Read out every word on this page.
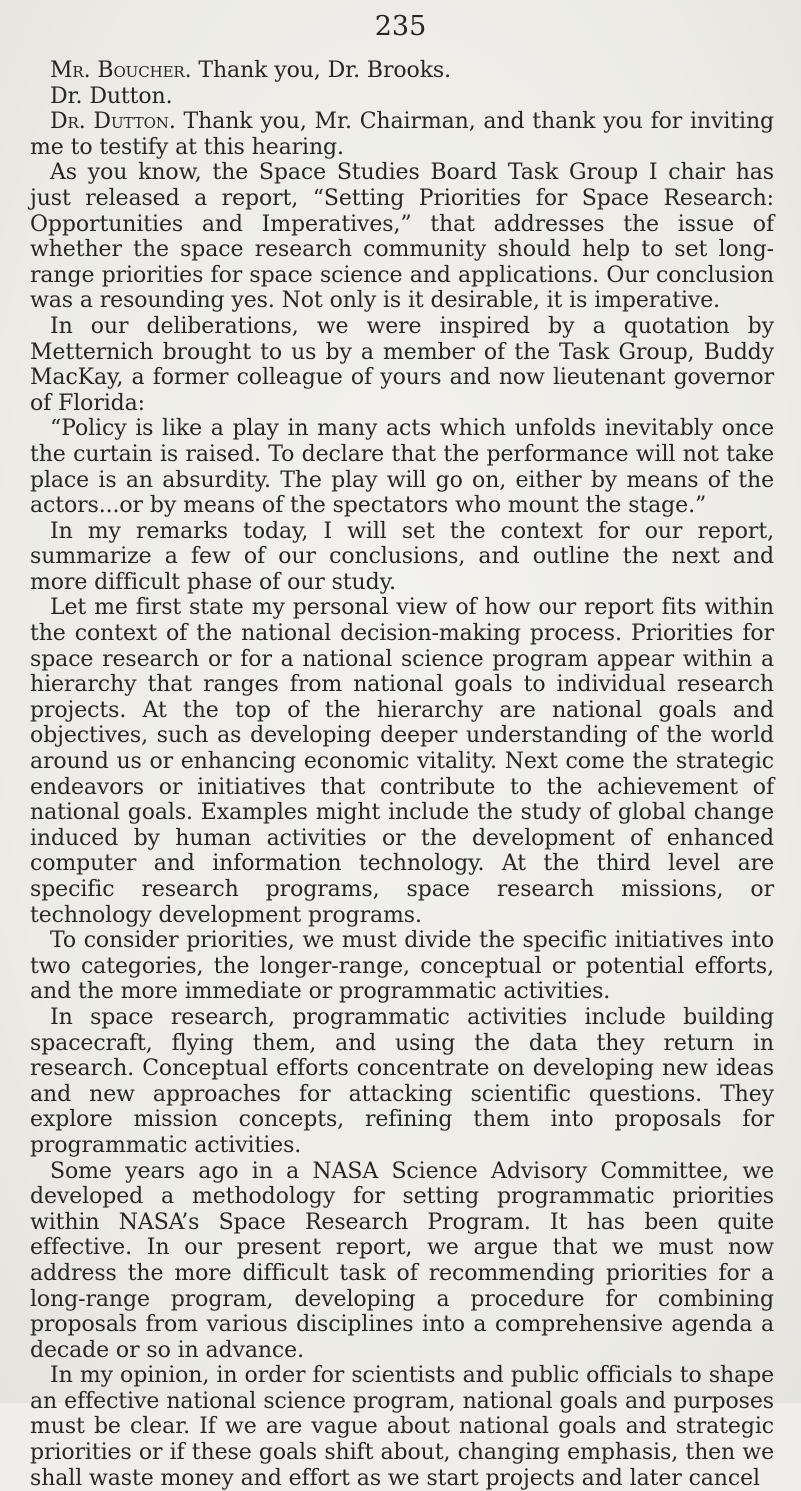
235

Mr. Boucher. Thank you, Dr. Brooks.

Dr. Dutton.

Dr. Dutton. Thank you, Mr. Chairman, and thank you for inviting me to testify at this hearing.

As you know, the Space Studies Board Task Group I chair has just released a report, “Setting Priorities for Space Research: Opportunities and Imperatives,” that addresses the issue of whether the space research community should help to set long-range priorities for space science and applications. Our conclusion was a resounding yes. Not only is it desirable, it is imperative.

In our deliberations, we were inspired by a quotation by Metternich brought to us by a member of the Task Group, Buddy MacKay, a former colleague of yours and now lieutenant governor of Florida:

“Policy is like a play in many acts which unfolds inevitably once the curtain is raised. To declare that the performance will not take place is an absurdity. The play will go on, either by means of the actors...or by means of the spectators who mount the stage.”

In my remarks today, I will set the context for our report, summarize a few of our conclusions, and outline the next and more difficult phase of our study.

Let me first state my personal view of how our report fits within the context of the national decision-making process. Priorities for space research or for a national science program appear within a hierarchy that ranges from national goals to individual research projects. At the top of the hierarchy are national goals and objectives, such as developing deeper understanding of the world around us or enhancing economic vitality. Next come the strategic endeavors or initiatives that contribute to the achievement of national goals. Examples might include the study of global change induced by human activities or the development of enhanced computer and information technology. At the third level are specific research programs, space research missions, or technology development programs.

To consider priorities, we must divide the specific initiatives into two categories, the longer-range, conceptual or potential efforts, and the more immediate or programmatic activities.

In space research, programmatic activities include building spacecraft, flying them, and using the data they return in research. Conceptual efforts concentrate on developing new ideas and new approaches for attacking scientific questions. They explore mission concepts, refining them into proposals for programmatic activities.

Some years ago in a NASA Science Advisory Committee, we developed a methodology for setting programmatic priorities within NASA’s Space Research Program. It has been quite effective. In our present report, we argue that we must now address the more difficult task of recommending priorities for a long-range program, developing a procedure for combining proposals from various disciplines into a comprehensive agenda a decade or so in advance.

In my opinion, in order for scientists and public officials to shape an effective national science program, national goals and purposes must be clear. If we are vague about national goals and strategic priorities or if these goals shift about, changing emphasis, then we shall waste money and effort as we start projects and later cancel
